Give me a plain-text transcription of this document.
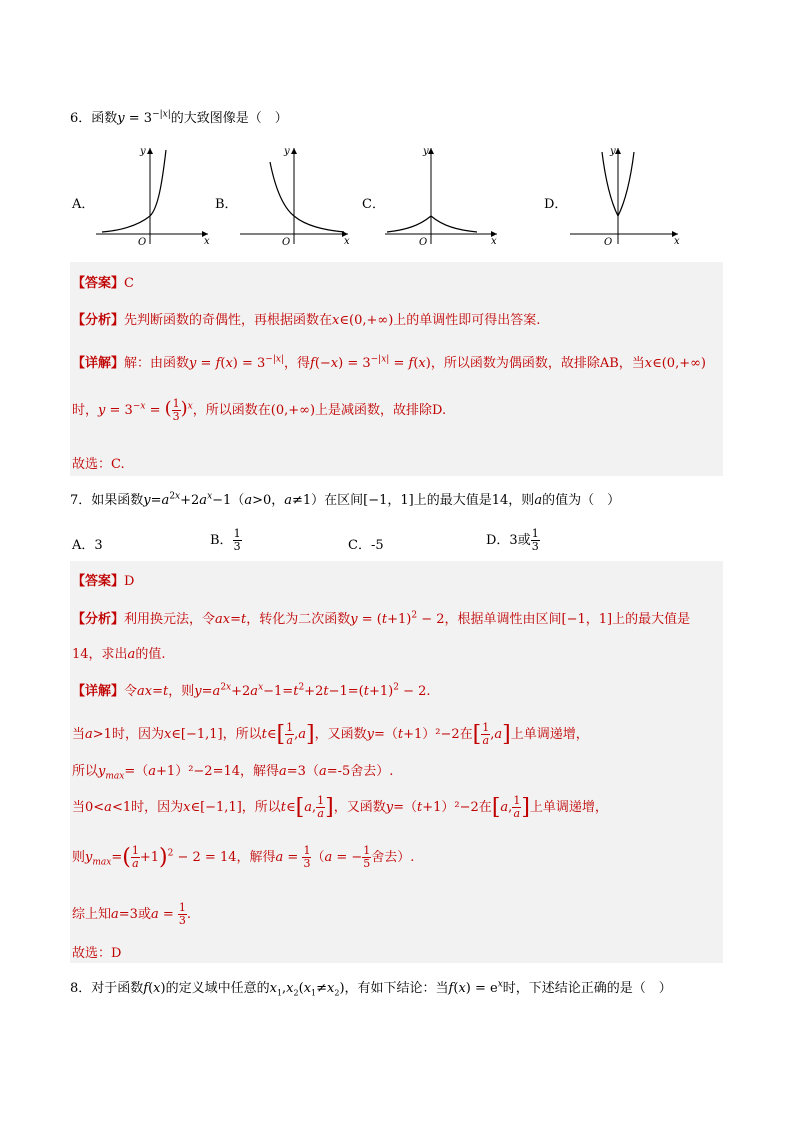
6．函数$y = 3^{-|x|}$的大致图像是（　）
A．	B．	C．	D．
y
x
O
y
x
O
y
x
O
y
x
O
【答案】C
【分析】先判断函数的奇偶性，再根据函数在x∈(0,+∞)上的单调性即可得出答案.
【详解】解：由函数$y = f(x) = 3^{-|x|}$，得$f(-x) = 3^{-|x|} = f(x)$，所以函数为偶函数，故排除AB，当x∈(0,+∞)
时，$y = 3^{-x}$ = ( $\frac{1}{3} )^x$，所以函数在(0,+∞)上是减函数，故排除D.
故选：C.
7．如果函数$y=a^{2x}+2a^x-1(a>0$，a≠1）在区间[−1，1]上的最大值是14，则a的值为（　）
A．3	B． $\frac{1}{3}$	C．-5	D．3或 $\frac{1}{3}$
【答案】D
【分析】利用换元法，令ax=t，转化为二次函数$y = (t+1)^2 - 2$，根据单调性由区间[−1，1]上的最大值是
14，求出a的值.
【详解】令ax=t，则$y=a^{2x}+2a^x-1=t^2+2t-1=(t+1)^2 - 2$.
当a>1时，因为x∈[−1,1]，所以t∈[ $\frac{1}{a} ,a$]，又函数y=（t+1）²−2在[ $\frac{1}{a} ,a$]上单调递增，
所以$y_{max}=(a+1)^2-2=14$，解得a=3（a=-5舍去）.
当0<a<1时，因为x∈[−1,1]，所以t∈[a, $\frac{1}{a}$ ]，又函数y=（t+1）²−2在[a, $\frac{1}{a}$ ]上单调递增，
则$y_{max}=( \frac{1}{a} +1)^2 - 2 = 14$，解得$a = \frac{1}{3} (a$ = − $\frac{1}{5}$ 舍去）.
综上知a=3或$a = \frac{1}{3}$ .
故选：D
8．对于函数f(x)的定义域中任意的$x_1,x_2(x_1\ne x_2)$，有如下结论：当$f(x) = e^x$时，下述结论正确的是（　）
